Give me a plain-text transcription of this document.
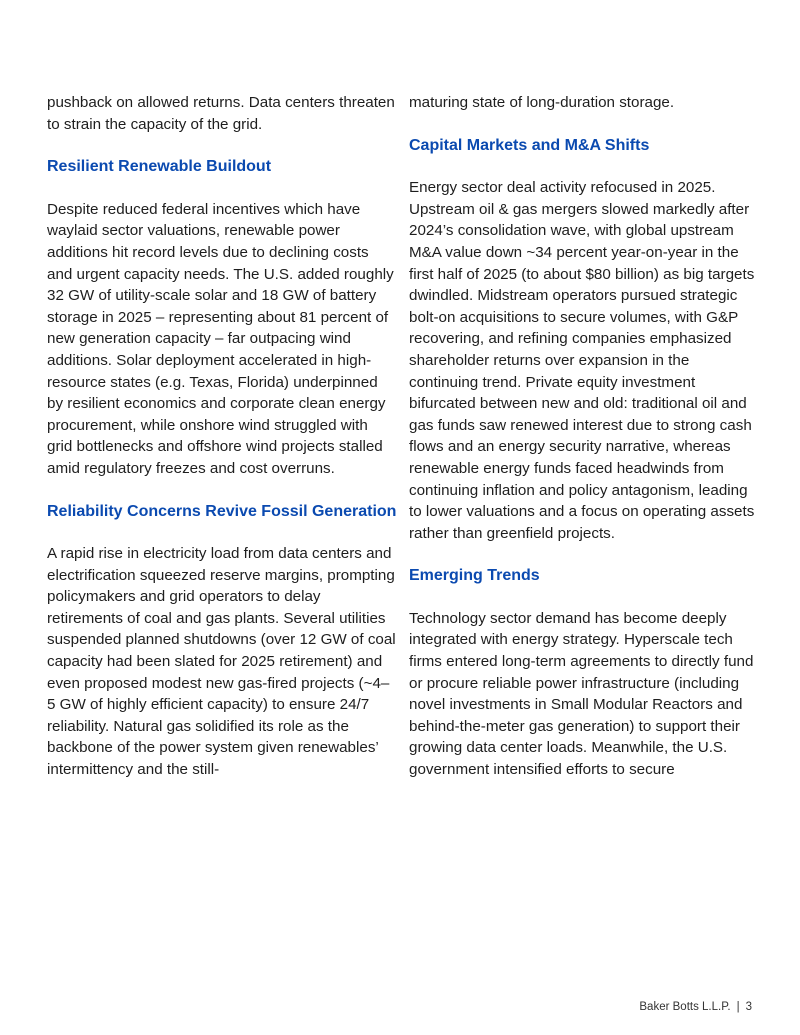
pushback on allowed returns. Data centers threaten to strain the capacity of the grid.

Resilient Renewable Buildout

Despite reduced federal incentives which have waylaid sector valuations, renewable power additions hit record levels due to declining costs and urgent capacity needs. The U.S. added roughly 32 GW of utility-scale solar and 18 GW of battery storage in 2025 – representing about 81 percent of new generation capacity – far outpacing wind additions. Solar deployment accelerated in high-resource states (e.g. Texas, Florida) underpinned by resilient economics and corporate clean energy procurement, while onshore wind struggled with grid bottlenecks and offshore wind projects stalled amid regulatory freezes and cost overruns.

Reliability Concerns Revive Fossil Generation

A rapid rise in electricity load from data centers and electrification squeezed reserve margins, prompting policymakers and grid operators to delay retirements of coal and gas plants. Several utilities suspended planned shutdowns (over 12 GW of coal capacity had been slated for 2025 retirement) and even proposed modest new gas-fired projects (~4–5 GW of highly efficient capacity) to ensure 24/7 reliability. Natural gas solidified its role as the backbone of the power system given renewables’ intermittency and the still-

maturing state of long-duration storage.

Capital Markets and M&A Shifts

Energy sector deal activity refocused in 2025. Upstream oil & gas mergers slowed markedly after 2024’s consolidation wave, with global upstream M&A value down ~34 percent year-on-year in the first half of 2025 (to about $80 billion) as big targets dwindled. Midstream operators pursued strategic bolt-on acquisitions to secure volumes, with G&P recovering, and refining companies emphasized shareholder returns over expansion in the continuing trend. Private equity investment bifurcated between new and old: traditional oil and gas funds saw renewed interest due to strong cash flows and an energy security narrative, whereas renewable energy funds faced headwinds from continuing inflation and policy antagonism, leading to lower valuations and a focus on operating assets rather than greenfield projects.

Emerging Trends

Technology sector demand has become deeply integrated with energy strategy. Hyperscale tech firms entered long-term agreements to directly fund or procure reliable power infrastructure (including novel investments in Small Modular Reactors and behind-the-meter gas generation) to support their growing data center loads. Meanwhile, the U.S. government intensified efforts to secure

Baker Botts L.L.P. | 3
